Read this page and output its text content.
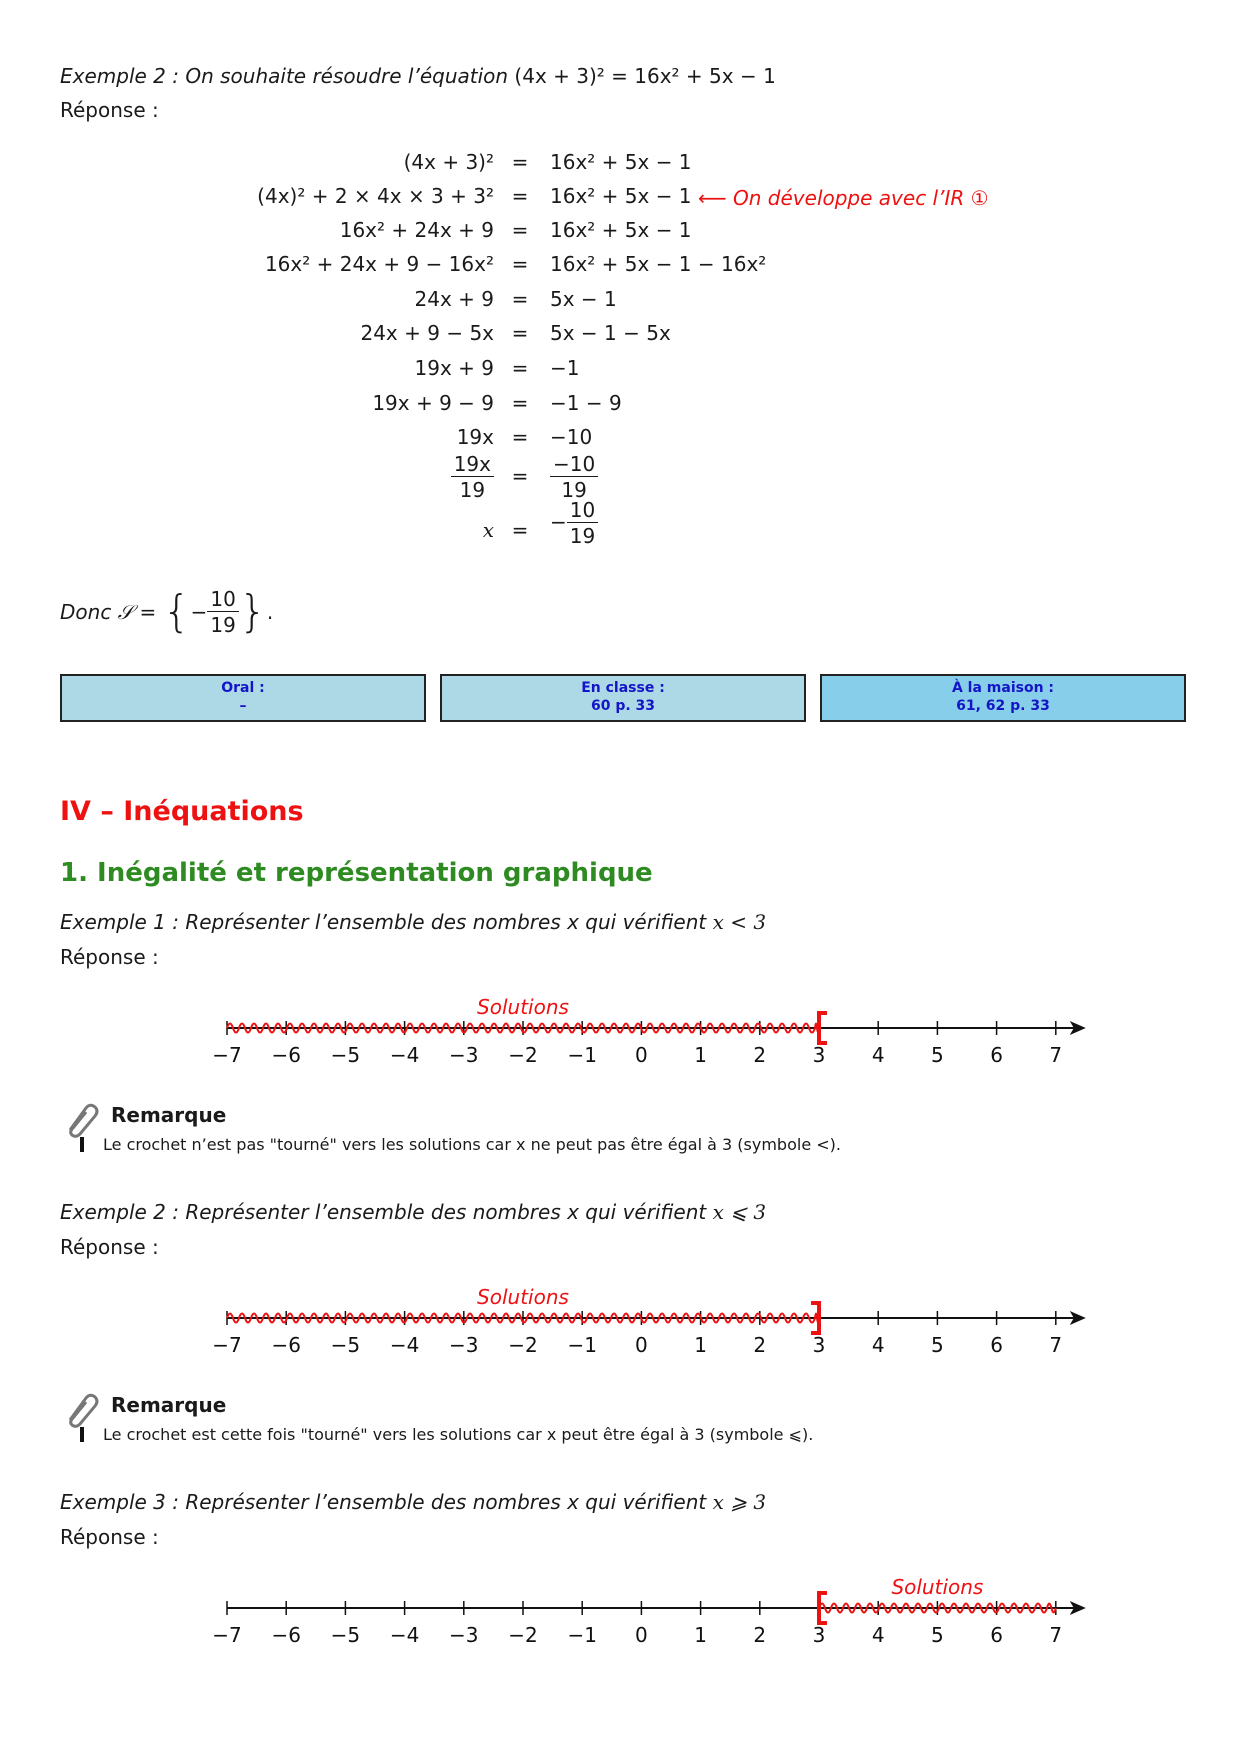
Exemple 2 : On souhaite résoudre l’équation (4x + 3)² = 16x² + 5x − 1
Réponse :
(4x + 3)² =	16x² + 5x − 1
(4x)² + 2 × 4x × 3 + 3² =	16x² + 5x − 1
16x² + 24x + 9 =	16x² + 5x − 1
16x² + 24x + 9 − 16x² =	16x² + 5x − 1 − 16x²
24x + 9 =	5x − 1
24x + 9 − 5x =	5x − 1 − 5x
19x + 9 =	−1
19x + 9 − 9 =	−1 − 9
19x =	−10
$\frac{19x}{19}$ =	$\frac{-10}{19}$
x =	− $\frac{10}{19}$
⟵ On développe avec l’IR ①
Donc
𝒮
=
{ − $\frac{10}{19}$ } .
Oral :
–
En classe :
60 p. 33
À la maison :
61, 62 p. 33
IV – Inéquations
1. Inégalité et représentation graphique
Exemple 1 : Représenter l’ensemble des nombres x qui vérifient x < 3
Réponse :
−7 −6 −5 −4 −3 −2 −1 0 1 2 3 4 5 6 7
Solutions
Remarque
Le crochet n’est pas "tourné" vers les solutions car x ne peut pas être égal à 3 (symbole <).
Exemple 2 : Représenter l’ensemble des nombres x qui vérifient x ⩽ 3
Réponse :
−7 −6 −5 −4 −3 −2 −1 0 1 2 3 4 5 6 7
Solutions
Remarque
Le crochet est cette fois "tourné" vers les solutions car x peut être égal à 3 (symbole ⩽).
Exemple 3 : Représenter l’ensemble des nombres x qui vérifient x ⩾ 3
Réponse :
−7 −6 −5 −4 −3 −2 −1 0 1 2 3 4 5 6 7
Solutions
